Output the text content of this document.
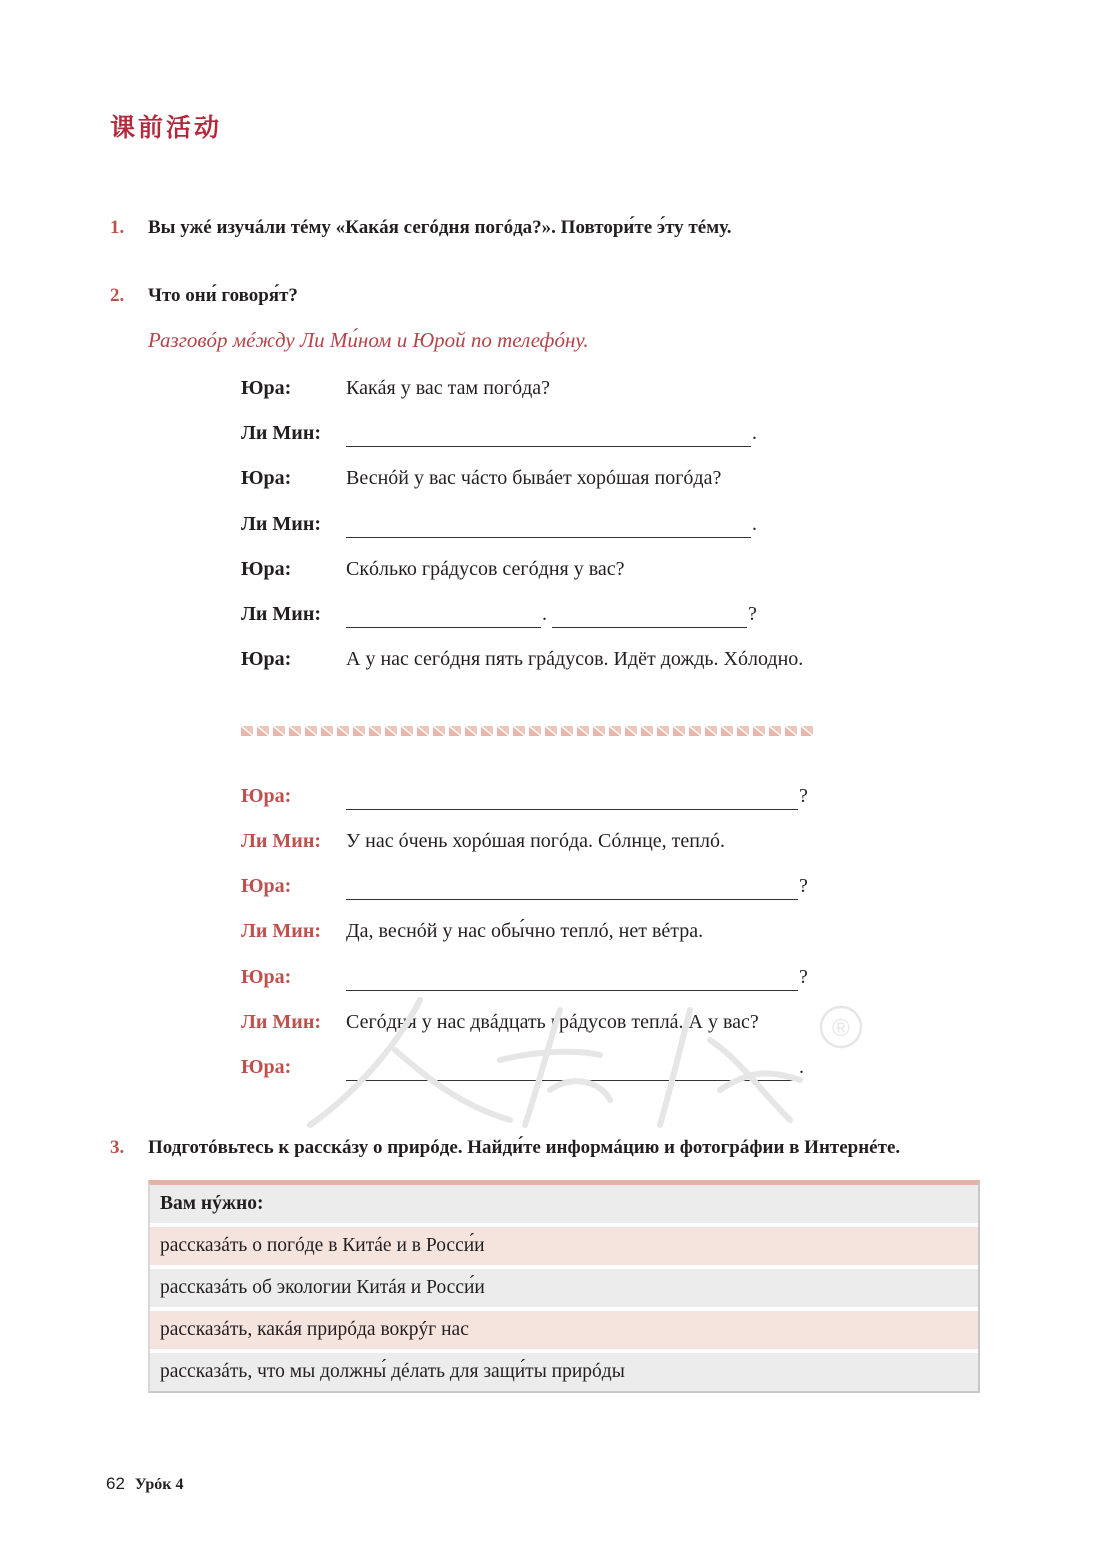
课前活动
1. Вы ужé изучáли тéму «Какáя сегóдня погóда?». Повтори́те э́ту тéму.
2. Что они́ говоря́т?
Разговóр мéжду Ли Ми́ном и Юрой по телефóну.
Юра:	Какáя у вас там погóда?
Ли Мин:	.
Юра:	Веснóй у вас чáсто бывáет хорóшая погóда?
Ли Мин:	.
Юра:	Скóлько грáдусов сегóдня у вас?
Ли Мин:	.	?
Юра:	А у нас сегóдня пять грáдусов. Идёт дождь. Хóлодно.
Юра:	?
Ли Мин:	У нас óчень хорóшая погóда. Сóлнце, теплó.
Юра:	?
Ли Мин:	Да, веснóй у нас обы́чно теплó, нет вéтра.
Юра:	?
Ли Мин:	Сегóдня у нас двáдцать грáдусов теплá. А у вас?
Юра:	.
®
3. Подготóвьтесь к расскáзу о прирóде. Найди́те информáцию и фотогрáфии в Интернéте.
Вам нýжно:
рассказáть о погóде в Китáе и в Росси́и
рассказáть об экологии Китáя и Росси́и
рассказáть, какáя прирóда вокрýг нас
рассказáть, что мы должны́ дéлать для защи́ты прирóды
62 Урóк 4
